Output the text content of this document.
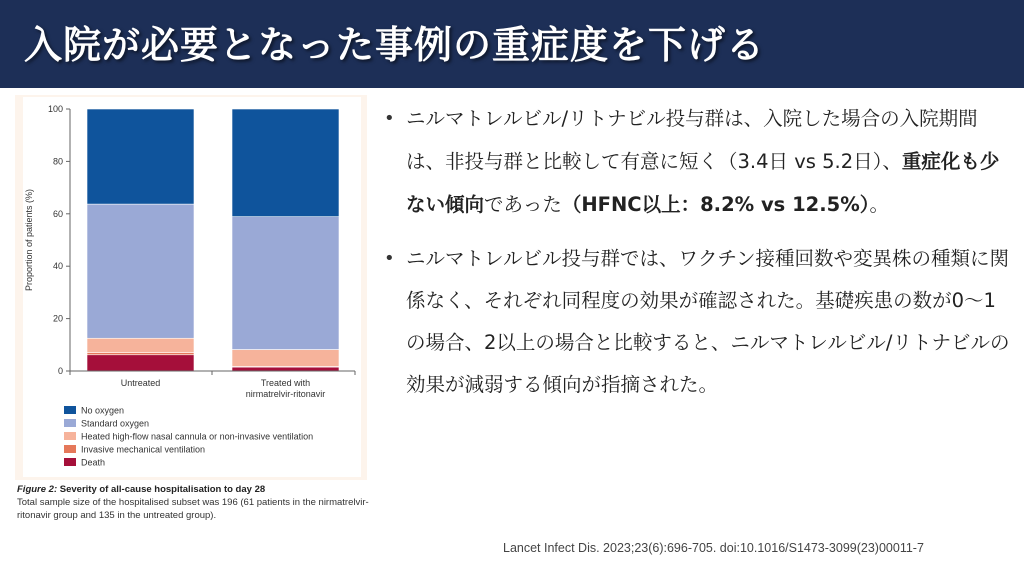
入院が必要となった事例の重症度を下げる
0
20
40
60
80
100
Proportion of patients (%)
Untreated	Treated with
nirmatrelvir-ritonavir
No oxygen
Standard oxygen
Heated high-flow nasal cannula or non-invasive ventilation
Invasive mechanical ventilation
Death
Figure 2: Severity of all-cause hospitalisation to day 28
Total sample size of the hospitalised subset was 196 (61 patients in the nirmatrelvir-ritonavir group and 135 in the untreated group).
• ニルマトレルビル/リトナビル投与群は、入院した場合の入院期間は、非投与群と比較して有意に短く（3.4日 vs 5.2日）、重症化も少ない傾向であった（HFNC以上：8.2% vs 12.5%）。
• ニルマトレルビル投与群では、ワクチン接種回数や変異株の種類に関係なく、それぞれ同程度の効果が確認された。基礎疾患の数が0～1の場合、2以上の場合と比較すると、ニルマトレルビル/リトナビルの効果が減弱する傾向が指摘された。
Lancet Infect Dis. 2023;23(6):696-705. doi:10.1016/S1473-3099(23)00011-7
